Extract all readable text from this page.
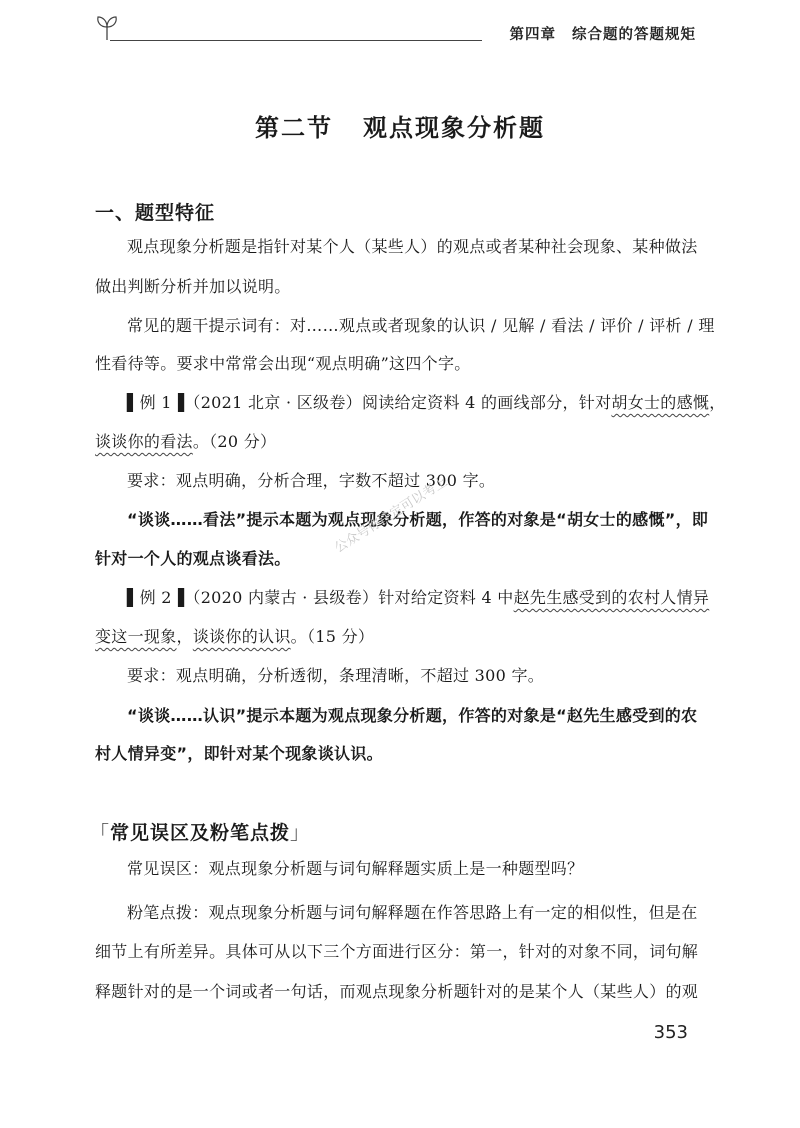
第四章 综合题的答题规矩
第二节 观点现象分析题
一、题型特征
观点现象分析题是指针对某个人（某些人）的观点或者某种社会现象、某种做法
做出判断分析并加以说明。
常见的题干提示词有：对……观点或者现象的认识 / 见解 / 看法 / 评价 / 评析 / 理
性看待等。要求中常常会出现“观点明确”这四个字。
▌例 1▐（2021 北京 · 区级卷）阅读给定资料 4 的画线部分，针对胡女士的感慨，
谈谈你的看法。（20 分）
要求：观点明确，分析合理，字数不超过 300 字。
“谈谈……看法”提示本题为观点现象分析题，作答的对象是“胡女士的感慨”，即
针对一个人的观点谈看法。
▌例 2▐（2020 内蒙古 · 县级卷）针对给定资料 4 中赵先生感受到的农村人情异
变这一现象，谈谈你的认识。（15 分）
要求：观点明确，分析透彻，条理清晰，不超过 300 字。
“谈谈……认识”提示本题为观点现象分析题，作答的对象是“赵先生感受到的农
村人情异变”，即针对某个现象谈认识。
「常见误区及粉笔点拨」
常见误区：观点现象分析题与词句解释题实质上是一种题型吗？
粉笔点拨：观点现象分析题与词句解释题在作答思路上有一定的相似性，但是在
细节上有所差异。具体可从以下三个方面进行区分：第一，针对的对象不同，词句解
释题针对的是一个词或者一句话，而观点现象分析题针对的是某个人（某些人）的观
公众号你注定可以考上
353
